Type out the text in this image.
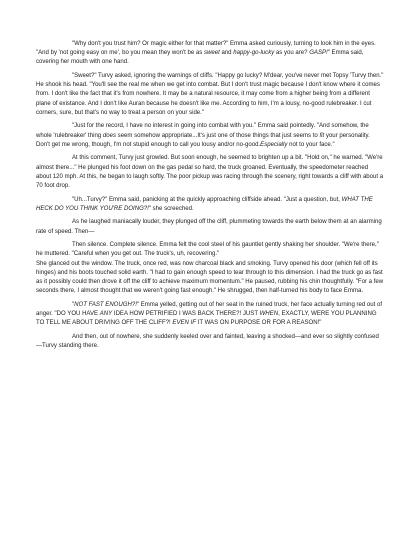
"Why don't you trust him? Or magic either for that matter?" Emma asked curiously, turning to look him in the eyes. "And by 'not going easy on me', bo you mean they won't be as sweet and happy-go-lucky as you are? GASP!" Emma said, covering her mouth with one hand.

"Sweet?" Turvy asked, ignoring the warnings of cliffs. "Happy go lucky? M'dear, you've never met Topsy 'Turvy then." He shook his head. "You'll see the real me when we get into combat. But I don't trust magic because I don't know where it comes from. I don't like the fact that it's from nowhere. It may be a natural resource, it may come from a higher being from a different plane of existance. And I don't like Auran because he doesn't like me. According to him, I'm a lousy, no-good rulebreaker. I cut corners, sure, but that's no way to treat a person on your side."

"Just for the record, I have no interest in going into combat with you." Emma said pointedly. "And somehow, the whole 'rulebreaker' thing does seem somehow appropriate...It's just one of those things that just seems to fit your personality. Don't get me wrong, though, I'm not stupid enough to call you lousy and/or no-good.Especially not to your face."

At this comment, Turvy just growled. But soon enough, he seemed to brighten up a bit. "Hold on," he warned. "We're almost there..." He plunged his foot down on the gas pedal so hard, the truck groaned. Eventually, the speedometer reached about 120 mph. At this, he began to laugh softly. The poor pickup was racing through the scenery, right towards a cliff with about a 70 foot drop.

"Uh...Turvy?" Emma said, panicking at the quickly approaching cliffside ahead. "Just a question, but, WHAT THE HECK DO YOU THINK YOU'RE DOING?!" she screeched.

As he laughed maniacally louder, they plunged off the cliff, plummeting towards the earth below them at an alarming rate of speed. Then—

Then silence. Complete silence. Emma felt the cool steel of his gauntlet gently shaking her shoulder. "We're there," he muttered. "Careful when you get out. The truck's, uh, recovering."

She glanced out the window. The truck, once red, was now charcoal black and smoking. Turvy opened his door (which fell off its hinges) and his boots touched solid earth. "I had to gain enough speed to tear through to this dimension. I had the truck go as fast as it possibly could then drove it off the cliff to achieve maximum momentum." He paused, rubbing his chin thoughtfully. "For a few seconds there, I almost thought that we weren't going fast enough." He shrugged, then half-turned his body to face Emma.

"NOT FAST ENOUGH?!" Emma yelled, getting out of her seat in the ruined truck, her face actually turning red out of anger. "DO YOU HAVE ANY IDEA HOW PETRIFIED I WAS BACK THERE?! JUST WHEN, EXACTLY, WERE YOU PLANNING TO TELL ME ABOUT DRIVING OFF THE CLIFF?! EVEN IF IT WAS ON PURPOSE OR FOR A REASON!"

And then, out of nowhere, she suddenly keeled over and fainted, leaving a shocked—and ever so slightly confused—Turvy standing there.
